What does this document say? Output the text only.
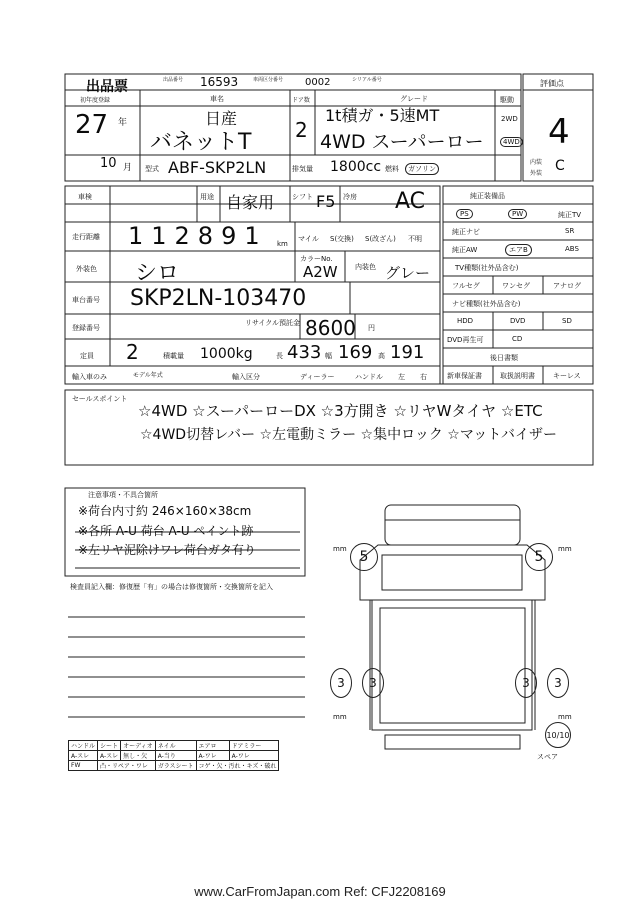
出品票	出品番号 16593	車両区分番号 0002	シリアル番号	評価点
4
初年度登録
27 年
10 月
車名
日産
バネットT
型式 ABF-SKP2LN
ドア数
2
グレード
1t積ガ・5速MT
4WD スーパーロー
排気量 1800cc 燃料	ガソリン
駆動
2WD
4WD
内装
外装 C
車検	用途 自家用	シフト F5 冷房 AC
走行距離 112891 km
マイル S(交換) S(改ざん) 不明
外装色 シロ
カラーNo.
A2W 内装色 グレー
車台番号 SKP2LN-103470
登録番号
リサイクル預託金 8600 円
定員 2	積載量 1000kg	長 433 幅 169 高 191
輸入車のみ	モデル年式	輸入区分	ディーラー	ハンドル 左 右
純正装備品
PS	PW	純正TV
純正ナビ	SR
純正AW	エアB	ABS
TV種類(社外品含む)
フルセグ	ワンセグ	アナログ
ナビ種類(社外品含む)
HDD	DVD	SD
DVD再生可	CD
後日書類
新車保証書	取扱説明書	キーレス
セールスポイント
☆4WD ☆スーパーローDX ☆3方開き ☆リヤWタイヤ ☆ETC
☆4WD切替レバー ☆左電動ミラー ☆集中ロック ☆マットバイザー
注意事項・不具合箇所
※荷台内寸約 246×160×38cm
※各所 A-U 荷台 A-U ペイント跡
※左リヤ泥除けワレ荷台ガタ有り
検査員記入欄：修復歴「有」の場合は修復箇所・交換箇所を記入
ハンドル	シート	オーディオ	ネイル	エアロ	ドアミラー
A-スレ	A-スレ	無し・欠	A-当り	A-ワレ	A-ワレ
FW	凸・リペア・ワレ		ガラスシート	コゲ・欠・汚れ・キズ・破れ	
5	5
3	3	3	3
10/10
スペア
mm	mm
mm	mm
www.CarFromJapan.com Ref: CFJ2208169
